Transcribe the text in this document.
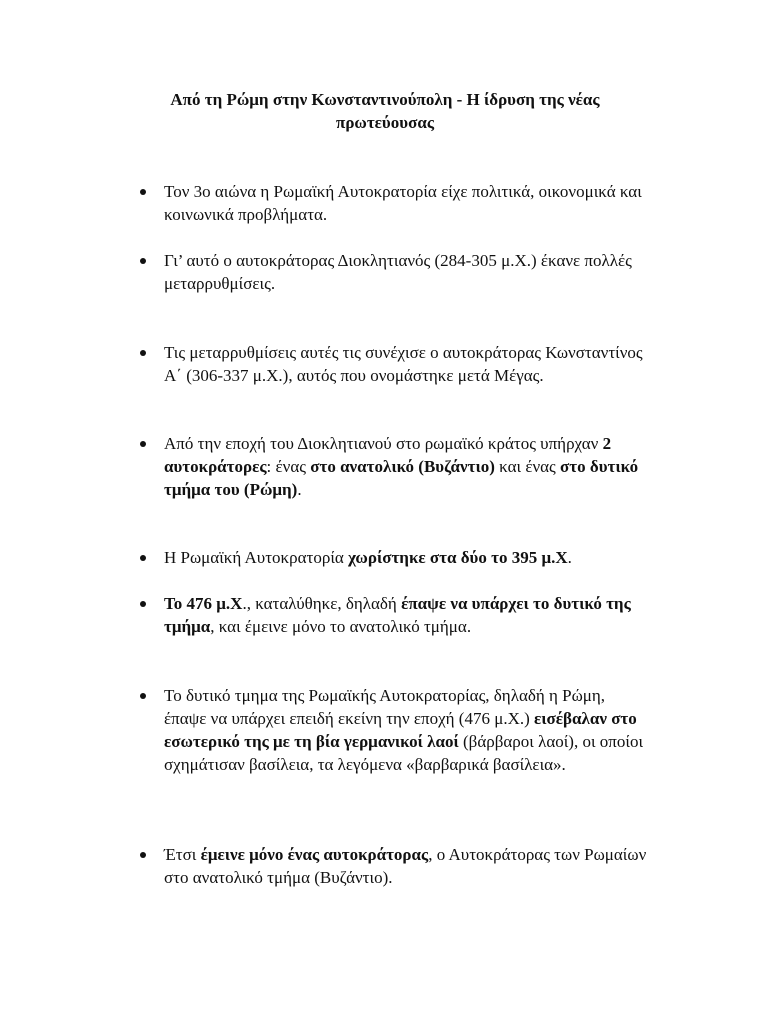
Από τη Ρώμη στην Κωνσταντινούπολη - Η ίδρυση της νέας πρωτεύουσας
Τον 3ο αιώνα η Ρωμαϊκή Αυτοκρατορία είχε πολιτικά, οικονομικά και κοινωνικά προβλήματα.
Γι’ αυτό ο αυτοκράτορας Διοκλητιανός (284-305 μ.Χ.) έκανε πολλές μεταρρυθμίσεις.
Τις μεταρρυθμίσεις αυτές τις συνέχισε ο αυτοκράτορας Κωνσταντίνος Α΄ (306-337 μ.Χ.), αυτός που ονομάστηκε μετά Μέγας.
Από την εποχή του Διοκλητιανού στο ρωμαϊκό κράτος υπήρχαν 2 αυτοκράτορες: ένας στο ανατολικό (Βυζάντιο) και ένας στο δυτικό τμήμα του (Ρώμη).
Η Ρωμαϊκή Αυτοκρατορία χωρίστηκε στα δύο το 395 μ.Χ.
Το 476 μ.Χ., καταλύθηκε, δηλαδή έπαψε να υπάρχει το δυτικό της τμήμα, και έμεινε μόνο το ανατολικό τμήμα.
Το δυτικό τμημα της Ρωμαϊκής Αυτοκρατορίας, δηλαδή η Ρώμη, έπαψε να υπάρχει επειδή εκείνη την εποχή (476 μ.Χ.) εισέβαλαν στο εσωτερικό της με τη βία γερμανικοί λαοί (βάρβαροι λαοί), οι οποίοι σχημάτισαν βασίλεια, τα λεγόμενα «βαρβαρικά βασίλεια».
Έτσι έμεινε μόνο ένας αυτοκράτορας, ο Αυτοκράτορας των Ρωμαίων στο ανατολικό τμήμα (Βυζάντιο).
